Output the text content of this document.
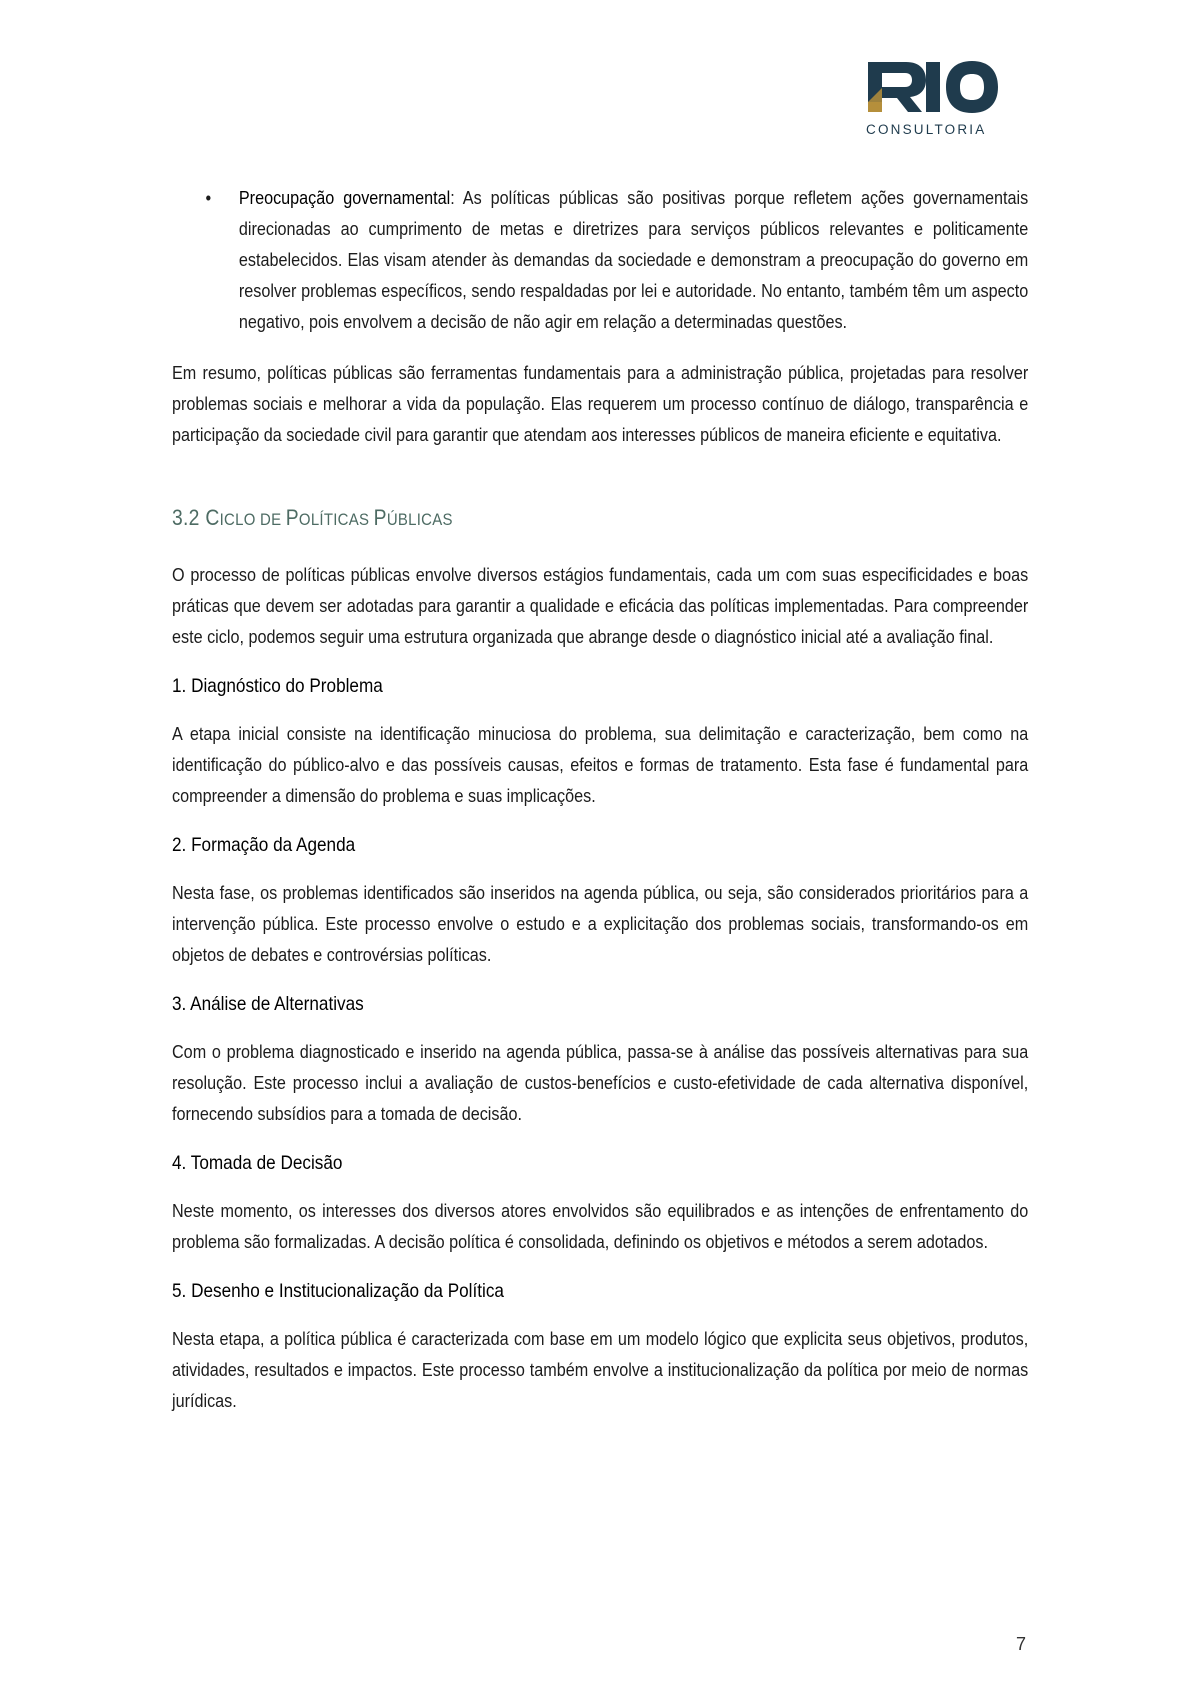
CONSULTORIA
• Preocupação governamental: As políticas públicas são positivas porque refletem ações governamentais direcionadas ao cumprimento de metas e diretrizes para serviços públicos relevantes e politicamente estabelecidos. Elas visam atender às demandas da sociedade e demonstram a preocupação do governo em resolver problemas específicos, sendo respaldadas por lei e autoridade. No entanto, também têm um aspecto negativo, pois envolvem a decisão de não agir em relação a determinadas questões.

Em resumo, políticas públicas são ferramentas fundamentais para a administração pública, projetadas para resolver problemas sociais e melhorar a vida da população. Elas requerem um processo contínuo de diálogo, transparência e participação da sociedade civil para garantir que atendam aos interesses públicos de maneira eficiente e equitativa.

3.2 CICLO DE POLÍTICAS PÚBLICAS

O processo de políticas públicas envolve diversos estágios fundamentais, cada um com suas especificidades e boas práticas que devem ser adotadas para garantir a qualidade e eficácia das políticas implementadas. Para compreender este ciclo, podemos seguir uma estrutura organizada que abrange desde o diagnóstico inicial até a avaliação final.

1. Diagnóstico do Problema

A etapa inicial consiste na identificação minuciosa do problema, sua delimitação e caracterização, bem como na identificação do público-alvo e das possíveis causas, efeitos e formas de tratamento. Esta fase é fundamental para compreender a dimensão do problema e suas implicações.

2. Formação da Agenda

Nesta fase, os problemas identificados são inseridos na agenda pública, ou seja, são considerados prioritários para a intervenção pública. Este processo envolve o estudo e a explicitação dos problemas sociais, transformando-os em objetos de debates e controvérsias políticas.

3. Análise de Alternativas

Com o problema diagnosticado e inserido na agenda pública, passa-se à análise das possíveis alternativas para sua resolução. Este processo inclui a avaliação de custos-benefícios e custo-efetividade de cada alternativa disponível, fornecendo subsídios para a tomada de decisão.

4. Tomada de Decisão

Neste momento, os interesses dos diversos atores envolvidos são equilibrados e as intenções de enfrentamento do problema são formalizadas. A decisão política é consolidada, definindo os objetivos e métodos a serem adotados.

5. Desenho e Institucionalização da Política

Nesta etapa, a política pública é caracterizada com base em um modelo lógico que explicita seus objetivos, produtos, atividades, resultados e impactos. Este processo também envolve a institucionalização da política por meio de normas jurídicas.

7
